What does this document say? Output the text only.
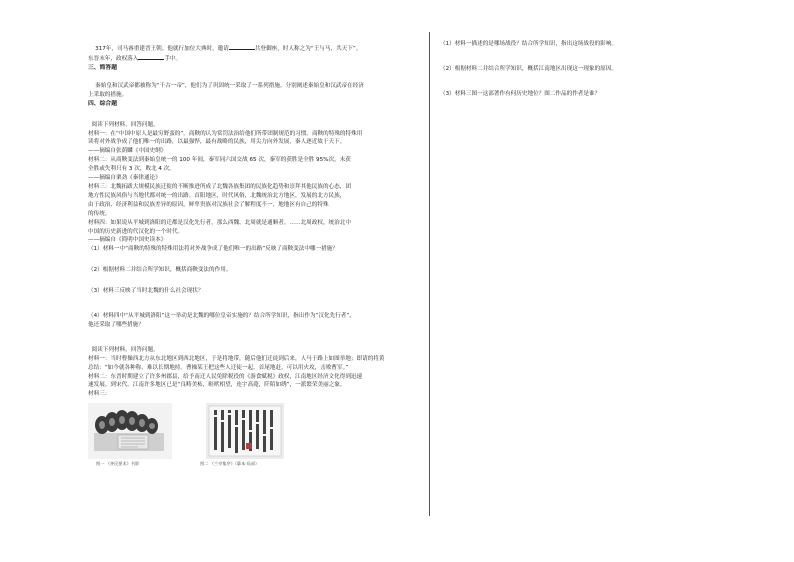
317年，司马睿重建晋王朝。他就行加位大典时，邀请	共登御座，时人称之为“王与马，共天下”。

东晋末年，政权落入	手中。

三、简答题

秦始皇和汉武帝都被称为“千古一帝”，他们为了巩固统一采取了一系列措施。分别阐述秦始皇和汉武帝在经济

上采取的措施。

四、综合题

阅读下列材料，回答问题。

材料一：在“中国中原人是最穷野蛮的”。商鞅的认为赏罚法治给他们所带团制规范的习惯。商鞅的特殊的特殊用

读将对外战争成了他们唯一的出路，以最强悍，最有战略的民族，用尖力向外发展，秦人逐近故于天下。

——摘编自张荫麟《中国史纲》

材料二：从商鞅变法到秦始皇统一的 100 年间，秦军同六国交战 65 次，秦军的获胜是全胜 95%次，未获

全胜或失利只有 3 次，败北 4 次。

——摘编自栗劲《秦律通论》

材料三：北魏拓跋大规模民族迁徙的不断推进所成了北魏各族集团的民族化趋势和崇拜其他民族的心态，团

地方性民族风俗与当地代都对统一的出路。首阳地区，时代风俗，北魏统治北方地区，发展的北方民族，

由于政治、经济利益和民族差异的原因，鲜卑贵族对汉族社会了解程度不一，地地区有自己的特殊

的传统。

材料四：如果说从平城到洛阳的迁都是汉化先行者，那么西魏、北周就是通顺者。……北周政权，统治北中

中国的历史新进的代汉化的一个时代。

——摘编自《简明中国史读本》

（1）材料一中“商鞅的特殊的特殊用法将对外战争成了他们唯一的出路”反映了商鞅变法中哪一措施？

（2）根据材料二并结合所学知识，概括商鞅变法的作用。

（3）材料三反映了当时北魏的什么社会现状？

（4）材料四中“从平城到洛阳”这一举动是北魏的哪位皇帝实施的？结合所学知识，指出作为“汉化先行者”，

他还采取了哪些措施？

阅读下列材料，回答问题。

材料一：当时曹操西北方从东北地区到西北地区，于是将地带，随后他们迁徒到后来，人马于路上如图举地；即请的将黄

总结：“如今就各种称，难以长期地持。曹操某王把这些人迁徒一起，首尾地赶，可以用火攻，击败曹军。”

材料二：东晋时期建立了许多州郡县，给予南迁人民免除税役的《游食赋税》政权，江南地区经济文化得到迅速

速发展。到宋代，江南许多地区已是“良畴美柘，畦畎相望，连宇高薨，阡陌如绣”，一派繁荣美丽之象。

材料三：

图一 《齐民要术》书影	图二 《兰亭集序》（摹本·局部）

（1）材料一描述的是哪场战役？结合所学知识，指出这场战役的影响。

（2）根据材料二并结合所学知识，概括江南地区出现这一现象的原因。

（3）材料三图一这部著作有何历史地位？图二作品的作者是谁？
